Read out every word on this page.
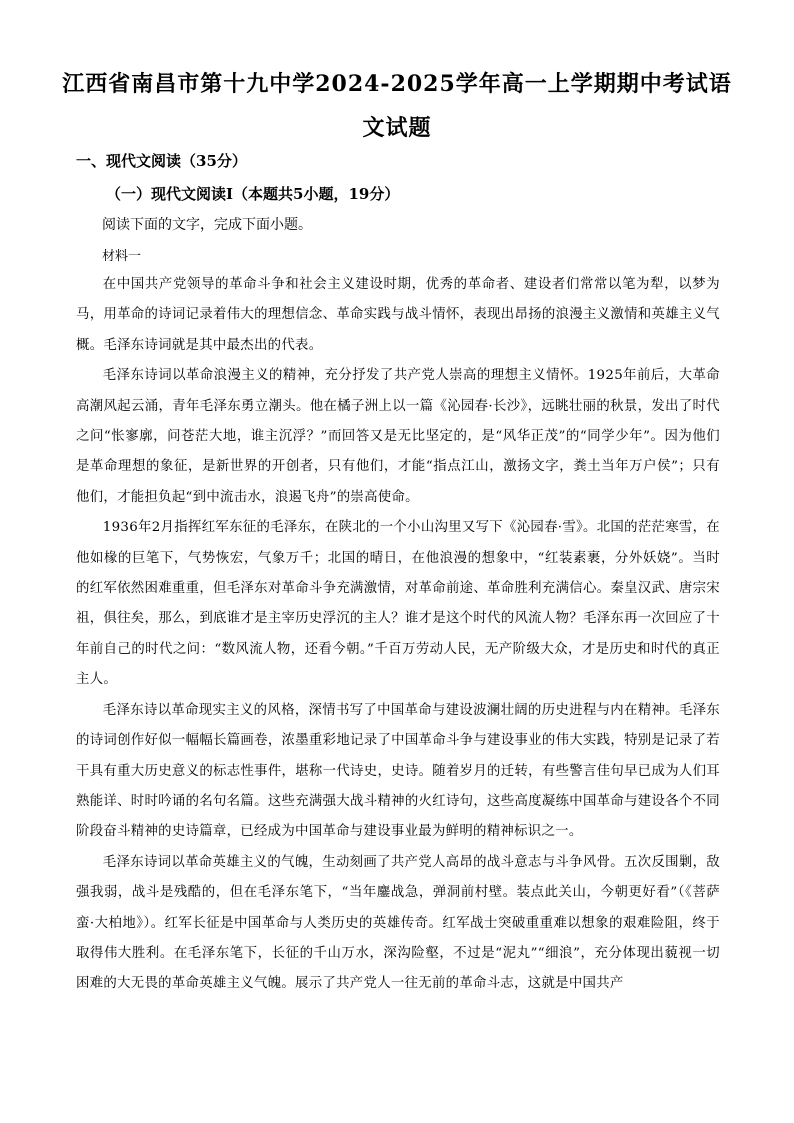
江西省南昌市第十九中学2024-2025学年高一上学期期中考试语文试题
一、现代文阅读（35分）
（一）现代文阅读Ⅰ（本题共5小题，19分）
阅读下面的文字，完成下面小题。
材料一

在中国共产党领导的革命斗争和社会主义建设时期，优秀的革命者、建设者们常常以笔为犁，以梦为马，用革命的诗词记录着伟大的理想信念、革命实践与战斗情怀，表现出昂扬的浪漫主义激情和英雄主义气概。毛泽东诗词就是其中最杰出的代表。

毛泽东诗词以革命浪漫主义的精神，充分抒发了共产党人崇高的理想主义情怀。1925年前后，大革命高潮风起云涌，青年毛泽东勇立潮头。他在橘子洲上以一篇《沁园春·长沙》，远眺壮丽的秋景，发出了时代之问“怅寥廓，问苍茫大地，谁主沉浮？”而回答又是无比坚定的，是“风华正茂”的“同学少年”。因为他们是革命理想的象征，是新世界的开创者，只有他们，才能“指点江山，激扬文字，粪土当年万户侯”；只有他们，才能担负起“到中流击水，浪遏飞舟”的崇高使命。

1936年2月指挥红军东征的毛泽东，在陕北的一个小山沟里又写下《沁园春·雪》。北国的茫茫寒雪，在他如椽的巨笔下，气势恢宏，气象万千；北国的晴日，在他浪漫的想象中，“红装素裹，分外妖娆”。当时的红军依然困难重重，但毛泽东对革命斗争充满激情，对革命前途、革命胜利充满信心。秦皇汉武、唐宗宋祖，俱往矣，那么，到底谁才是主宰历史浮沉的主人？谁才是这个时代的风流人物？毛泽东再一次回应了十年前自己的时代之问：“数风流人物，还看今朝。”千百万劳动人民，无产阶级大众，才是历史和时代的真正主人。

毛泽东诗以革命现实主义的风格，深情书写了中国革命与建设波澜壮阔的历史进程与内在精神。毛泽东的诗词创作好似一幅幅长篇画卷，浓墨重彩地记录了中国革命斗争与建设事业的伟大实践，特别是记录了若干具有重大历史意义的标志性事件，堪称一代诗史，史诗。随着岁月的迁转，有些警言佳句早已成为人们耳熟能详、时时吟诵的名句名篇。这些充满强大战斗精神的火红诗句，这些高度凝练中国革命与建设各个不同阶段奋斗精神的史诗篇章，已经成为中国革命与建设事业最为鲜明的精神标识之一。

毛泽东诗词以革命英雄主义的气魄，生动刻画了共产党人高昂的战斗意志与斗争风骨。五次反围剿，敌强我弱，战斗是残酷的，但在毛泽东笔下，“当年鏖战急，弹洞前村壁。装点此关山，今朝更好看”（《菩萨蛮·大柏地》）。红军长征是中国革命与人类历史的英雄传奇。红军战士突破重重难以想象的艰难险阻，终于取得伟大胜利。在毛泽东笔下，长征的千山万水，深沟险壑，不过是“泥丸”“细浪”，充分体现出藐视一切困难的大无畏的革命英雄主义气魄。展示了共产党人一往无前的革命斗志，这就是中国共产
